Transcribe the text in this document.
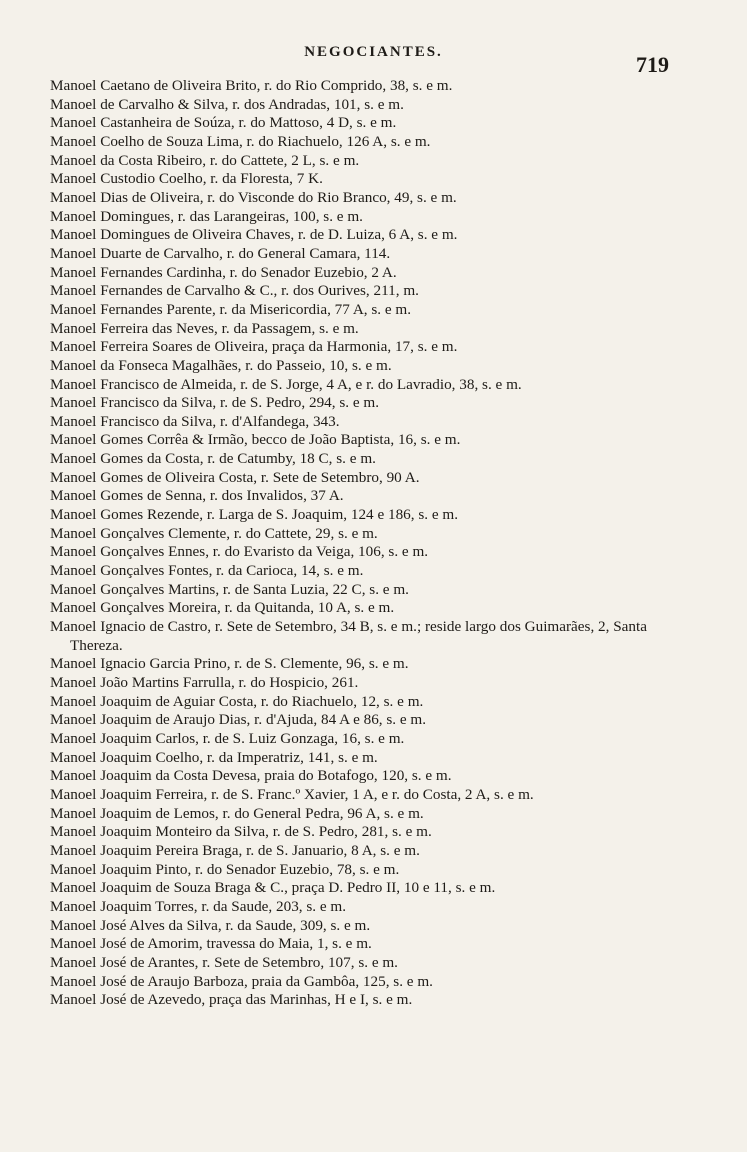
NEGOCIANTES.	719
Manoel Caetano de Oliveira Brito, r. do Rio Comprido, 38, s. e m.
Manoel de Carvalho & Silva, r. dos Andradas, 101, s. e m.
Manoel Castanheira de Soúza, r. do Mattoso, 4 D, s. e m.
Manoel Coelho de Souza Lima, r. do Riachuelo, 126 A, s. e m.
Manoel da Costa Ribeiro, r. do Cattete, 2 L, s. e m.
Manoel Custodio Coelho, r. da Floresta, 7 K.
Manoel Dias de Oliveira, r. do Visconde do Rio Branco, 49, s. e m.
Manoel Domingues, r. das Larangeiras, 100, s. e m.
Manoel Domingues de Oliveira Chaves, r. de D. Luiza, 6 A, s. e m.
Manoel Duarte de Carvalho, r. do General Camara, 114.
Manoel Fernandes Cardinha, r. do Senador Euzebio, 2 A.
Manoel Fernandes de Carvalho & C., r. dos Ourives, 211, m.
Manoel Fernandes Parente, r. da Misericordia, 77 A, s. e m.
Manoel Ferreira das Neves, r. da Passagem, s. e m.
Manoel Ferreira Soares de Oliveira, praça da Harmonia, 17, s. e m.
Manoel da Fonseca Magalhães, r. do Passeio, 10, s. e m.
Manoel Francisco de Almeida, r. de S. Jorge, 4 A, e r. do Lavradio, 38, s. e m.
Manoel Francisco da Silva, r. de S. Pedro, 294, s. e m.
Manoel Francisco da Silva, r. d'Alfandega, 343.
Manoel Gomes Corrêa & Irmão, becco de João Baptista, 16, s. e m.
Manoel Gomes da Costa, r. de Catumby, 18 C, s. e m.
Manoel Gomes de Oliveira Costa, r. Sete de Setembro, 90 A.
Manoel Gomes de Senna, r. dos Invalidos, 37 A.
Manoel Gomes Rezende, r. Larga de S. Joaquim, 124 e 186, s. e m.
Manoel Gonçalves Clemente, r. do Cattete, 29, s. e m.
Manoel Gonçalves Ennes, r. do Evaristo da Veiga, 106, s. e m.
Manoel Gonçalves Fontes, r. da Carioca, 14, s. e m.
Manoel Gonçalves Martins, r. de Santa Luzia, 22 C, s. e m.
Manoel Gonçalves Moreira, r. da Quitanda, 10 A, s. e m.
Manoel Ignacio de Castro, r. Sete de Setembro, 34 B, s. e m.; reside largo dos Guimarães, 2, Santa Thereza.
Manoel Ignacio Garcia Prino, r. de S. Clemente, 96, s. e m.
Manoel João Martins Farrulla, r. do Hospicio, 261.
Manoel Joaquim de Aguiar Costa, r. do Riachuelo, 12, s. e m.
Manoel Joaquim de Araujo Dias, r. d'Ajuda, 84 A e 86, s. e m.
Manoel Joaquim Carlos, r. de S. Luiz Gonzaga, 16, s. e m.
Manoel Joaquim Coelho, r. da Imperatriz, 141, s. e m.
Manoel Joaquim da Costa Devesa, praia do Botafogo, 120, s. e m.
Manoel Joaquim Ferreira, r. de S. Franc.º Xavier, 1 A, e r. do Costa, 2 A, s. e m.
Manoel Joaquim de Lemos, r. do General Pedra, 96 A, s. e m.
Manoel Joaquim Monteiro da Silva, r. de S. Pedro, 281, s. e m.
Manoel Joaquim Pereira Braga, r. de S. Januario, 8 A, s. e m.
Manoel Joaquim Pinto, r. do Senador Euzebio, 78, s. e m.
Manoel Joaquim de Souza Braga & C., praça D. Pedro II, 10 e 11, s. e m.
Manoel Joaquim Torres, r. da Saude, 203, s. e m.
Manoel José Alves da Silva, r. da Saude, 309, s. e m.
Manoel José de Amorim, travessa do Maia, 1, s. e m.
Manoel José de Arantes, r. Sete de Setembro, 107, s. e m.
Manoel José de Araujo Barboza, praia da Gambôa, 125, s. e m.
Manoel José de Azevedo, praça das Marinhas, H e I, s. e m.
